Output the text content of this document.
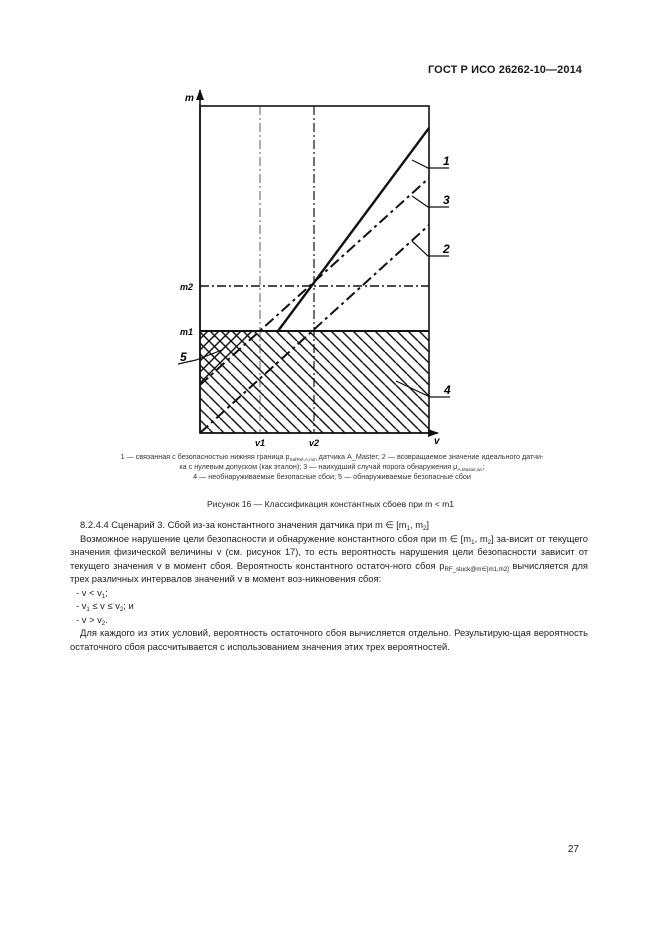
ГОСТ Р ИСО 26262-10—2014
1
3
2
4
5
m
v
m2
m1
v1	v2
1 — связанная с безопасностью нижняя граница $p_{SafRel,A,min}$ датчика A_Master; 2 — возвращаемое значение идеального датчи-
ка с нулевым допуском (как эталон); 3 — наихудший случай порога обнаружения $\mu_{A,Master,wc}$;
4 — необнаруживаемые безопасные сбои; 5 — обнаруживаемые безопасные сбои
Рисунок 16 — Классификация константных сбоев при m < m1

8.2.4.4 Сценарий 3. Сбой из-за константного значения датчика при m ∈ [$m_1$, $m_2$]

Возможное нарушение цели безопасности и обнаружение константного сбоя при m ∈ [$m_1$, $m_2$] за-висит от текущего значения физической величины v (см. рисунок 17), то есть вероятность нарушения цели безопасности зависит от текущего значения v в момент сбоя. Вероятность константного остаточ-ного сбоя $p_{RF\_stuck@m\in[m1,m2]}$ вычисляется для трех различных интервалов значений v в момент воз-никновения сбоя:

- $v < v_1$;

- $v_1 \le v \le v_2$; и

- $v > v_2$.

Для каждого из этих условий, вероятность остаточного сбоя вычисляется отдельно. Результирую-щая вероятность остаточного сбоя рассчитывается с использованием значения этих трех вероятностей.

27
